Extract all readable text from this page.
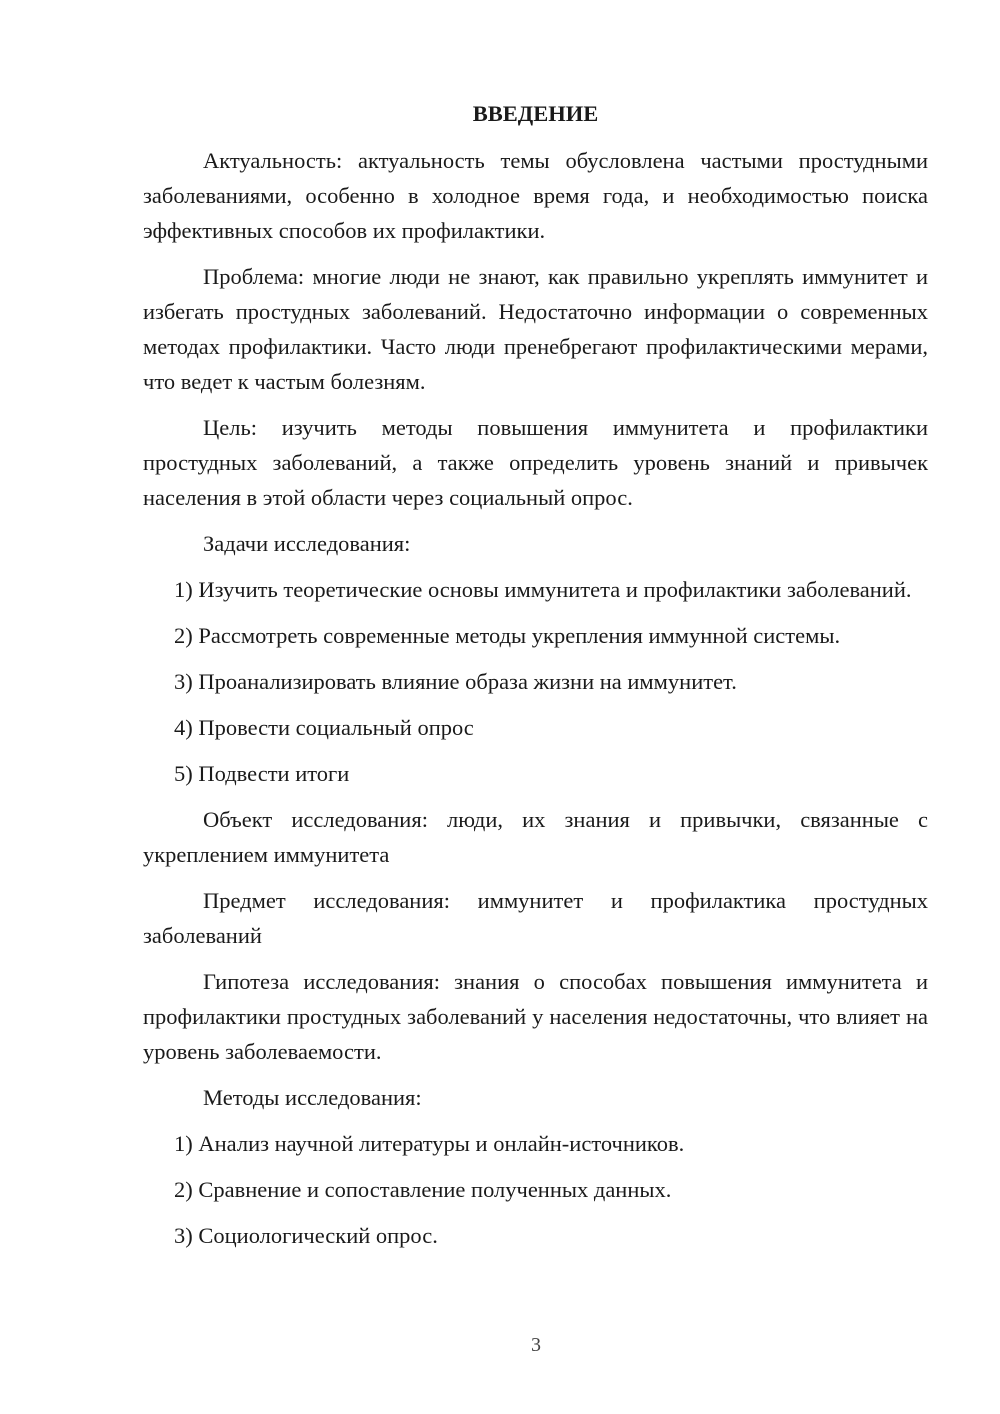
ВВЕДЕНИЕ

Актуальность: актуальность темы обусловлена частыми простудными заболеваниями, особенно в холодное время года, и необходимостью поиска эффективных способов их профилактики.

Проблема: многие люди не знают, как правильно укреплять иммунитет и избегать простудных заболеваний. Недостаточно информации о современных методах профилактики. Часто люди пренебрегают профилактическими мерами, что ведет к частым болезням.

Цель: изучить методы повышения иммунитета и профилактики простудных заболеваний, а также определить уровень знаний и привычек населения в этой области через социальный опрос.

Задачи исследования:

1) Изучить теоретические основы иммунитета и профилактики заболеваний.

2) Рассмотреть современные методы укрепления иммунной системы.

3) Проанализировать влияние образа жизни на иммунитет.

4) Провести социальный опрос

5) Подвести итоги

Объект исследования: люди, их знания и привычки, связанные с укреплением иммунитета

Предмет исследования: иммунитет и профилактика простудных заболеваний

Гипотеза исследования: знания о способах повышения иммунитета и профилактики простудных заболеваний у населения недостаточны, что влияет на уровень заболеваемости.

Методы исследования:

1) Анализ научной литературы и онлайн-источников.

2) Сравнение и сопоставление полученных данных.

3) Социологический опрос.

3
